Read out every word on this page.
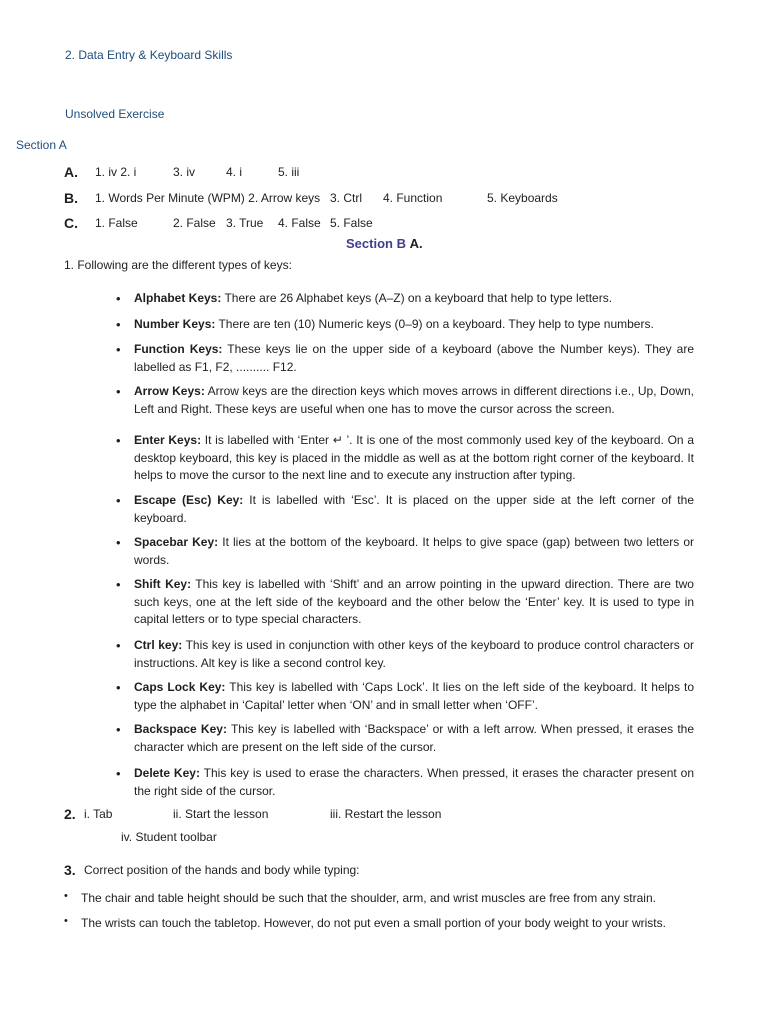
2. Data Entry & Keyboard Skills
Unsolved Exercise
Section A
A. 1. iv 2. i	3. iv	4. i	5. iii
B. 1. Words Per Minute (WPM) 2. Arrow keys 3. Ctrl 4. Function	5. Keyboards
C. 1. False	2. False 3. True 4. False 5. False
Section B A.
1. Following are the different types of keys:
• Alphabet Keys: There are 26 Alphabet keys (A–Z) on a keyboard that help to type letters.
• Number Keys: There are ten (10) Numeric keys (0–9) on a keyboard. They help to type numbers.
• Function Keys: These keys lie on the upper side of a keyboard (above the Number keys). They are labelled as F1, F2, .......... F12.
• Arrow Keys: Arrow keys are the direction keys which moves arrows in different directions i.e., Up, Down, Left and Right. These keys are useful when one has to move the cursor across the screen.
• Enter Keys: It is labelled with ‘Enter ↵ ’. It is one of the most commonly used key of the keyboard. On a desktop keyboard, this key is placed in the middle as well as at the bottom right corner of the keyboard. It helps to move the cursor to the next line and to execute any instruction after typing.
• Escape (Esc) Key: It is labelled with ‘Esc’. It is placed on the upper side at the left corner of the keyboard.
• Spacebar Key: It lies at the bottom of the keyboard. It helps to give space (gap) between two letters or words.
• Shift Key: This key is labelled with ‘Shift’ and an arrow pointing in the upward direction. There are two such keys, one at the left side of the keyboard and the other below the ‘Enter’ key. It is used to type in capital letters or to type special characters.
• Ctrl key: This key is used in conjunction with other keys of the keyboard to produce control characters or instructions. Alt key is like a second control key.
• Caps Lock Key: This key is labelled with ‘Caps Lock’. It lies on the left side of the keyboard. It helps to type the alphabet in ‘Capital’ letter when ‘ON’ and in small letter when ‘OFF’.
• Backspace Key: This key is labelled with ‘Backspace’ or with a left arrow. When pressed, it erases the character which are present on the left side of the cursor.
• Delete Key: This key is used to erase the characters. When pressed, it erases the character present on the right side of the cursor.
2. i. Tab	ii. Start the lesson	iii. Restart the lesson
iv. Student toolbar
3. Correct position of the hands and body while typing:
• The chair and table height should be such that the shoulder, arm, and wrist muscles are free from any strain.
• The wrists can touch the tabletop. However, do not put even a small portion of your body weight to your wrists.
